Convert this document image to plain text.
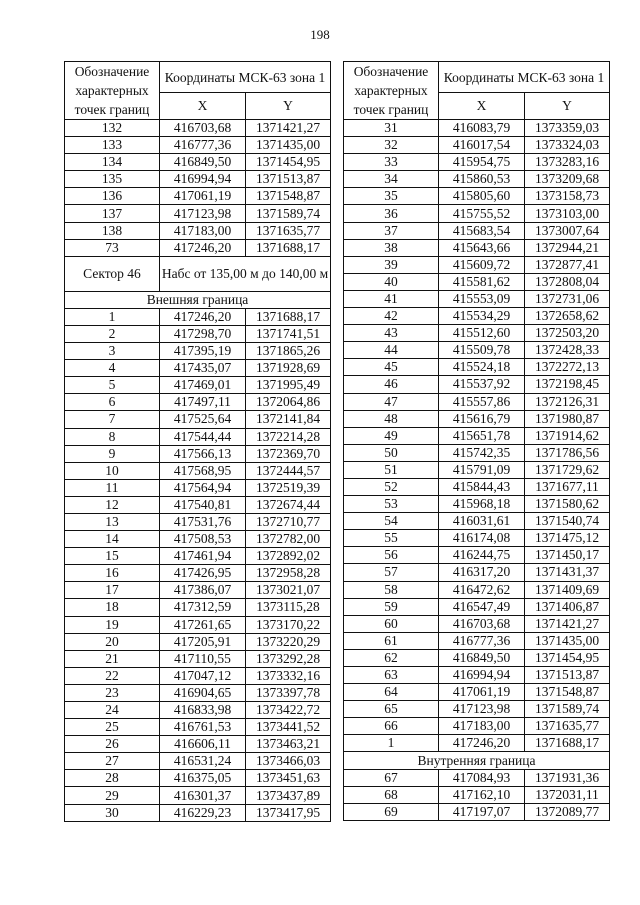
198
Обозначение характерных точек границ	Координаты МСК-63 зона 1	
	X	Y
132	416703,68	1371421,27
133	416777,36	1371435,00
134	416849,50	1371454,95
135	416994,94	1371513,87
136	417061,19	1371548,87
137	417123,98	1371589,74
138	417183,00	1371635,77
73	417246,20	1371688,17
Сектор 46	Набс от 135,00 м до 140,00 м	
Внешняя граница		
1	417246,20	1371688,17
2	417298,70	1371741,51
3	417395,19	1371865,26
4	417435,07	1371928,69
5	417469,01	1371995,49
6	417497,11	1372064,86
7	417525,64	1372141,84
8	417544,44	1372214,28
9	417566,13	1372369,70
10	417568,95	1372444,57
11	417564,94	1372519,39
12	417540,81	1372674,44
13	417531,76	1372710,77
14	417508,53	1372782,00
15	417461,94	1372892,02
16	417426,95	1372958,28
17	417386,07	1373021,07
18	417312,59	1373115,28
19	417261,65	1373170,22
20	417205,91	1373220,29
21	417110,55	1373292,28
22	417047,12	1373332,16
23	416904,65	1373397,78
24	416833,98	1373422,72
25	416761,53	1373441,52
26	416606,11	1373463,21
27	416531,24	1373466,03
28	416375,05	1373451,63
29	416301,37	1373437,89
30	416229,23	1373417,95
Обозначение характерных точек границ	Координаты МСК-63 зона 1	
	X	Y
31	416083,79	1373359,03
32	416017,54	1373324,03
33	415954,75	1373283,16
34	415860,53	1373209,68
35	415805,60	1373158,73
36	415755,52	1373103,00
37	415683,54	1373007,64
38	415643,66	1372944,21
39	415609,72	1372877,41
40	415581,62	1372808,04
41	415553,09	1372731,06
42	415534,29	1372658,62
43	415512,60	1372503,20
44	415509,78	1372428,33
45	415524,18	1372272,13
46	415537,92	1372198,45
47	415557,86	1372126,31
48	415616,79	1371980,87
49	415651,78	1371914,62
50	415742,35	1371786,56
51	415791,09	1371729,62
52	415844,43	1371677,11
53	415968,18	1371580,62
54	416031,61	1371540,74
55	416174,08	1371475,12
56	416244,75	1371450,17
57	416317,20	1371431,37
58	416472,62	1371409,69
59	416547,49	1371406,87
60	416703,68	1371421,27
61	416777,36	1371435,00
62	416849,50	1371454,95
63	416994,94	1371513,87
64	417061,19	1371548,87
65	417123,98	1371589,74
66	417183,00	1371635,77
1	417246,20	1371688,17
Внутренняя граница		
67	417084,93	1371931,36
68	417162,10	1372031,11
69	417197,07	1372089,77
